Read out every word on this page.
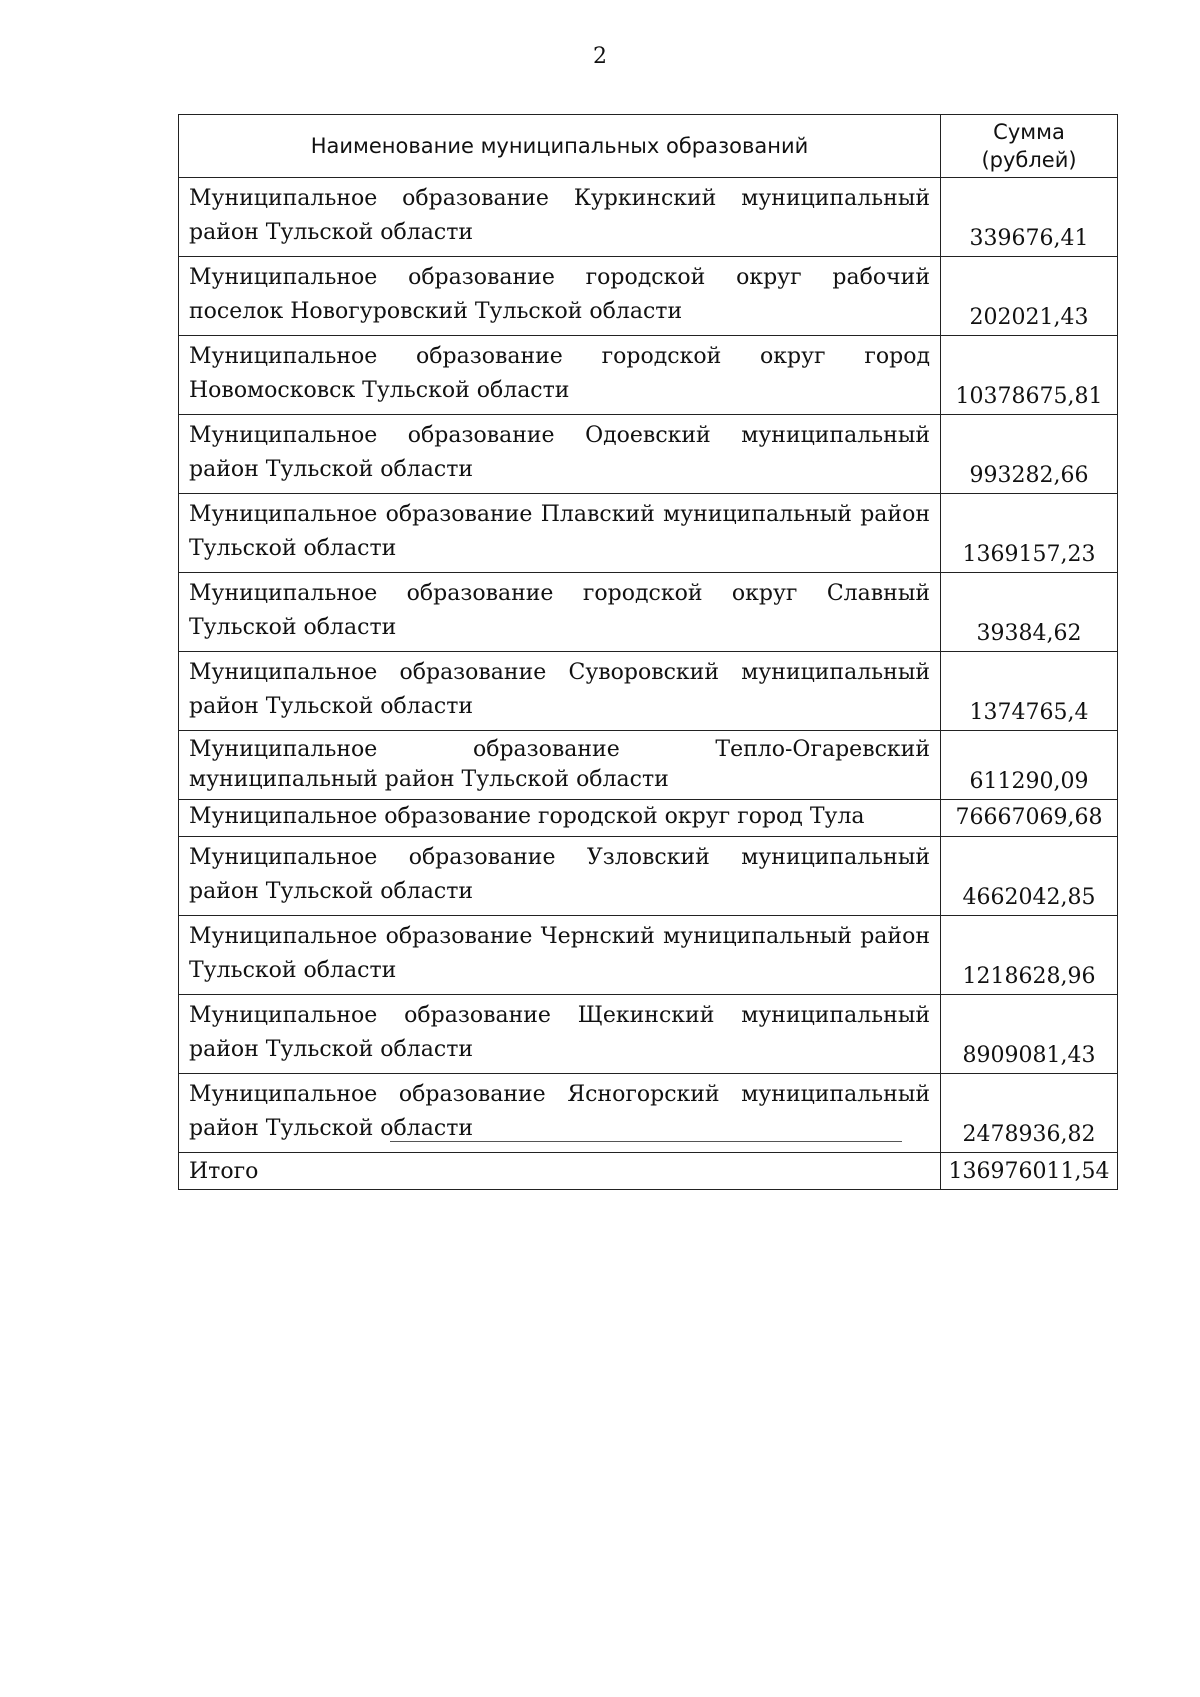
2
Наименование муниципальных образований	Сумма
(рублей)
Муниципальное образование Куркинский муниципальный район Тульской области	339676,41
Муниципальное образование городской округ рабочий поселок Новогуровский Тульской области	202021,43
Муниципальное образование городской округ город Новомосковск Тульской области	10378675,81
Муниципальное образование Одоевский муниципальный район Тульской области	993282,66
Муниципальное образование Плавский муниципальный район Тульской области	1369157,23
Муниципальное образование городской округ Славный Тульской области	39384,62
Муниципальное образование Суворовский муниципальный район Тульской области	1374765,4
Муниципальное образование Тепло-Огаревский муниципальный район Тульской области	611290,09
Муниципальное образование городской округ город Тула	76667069,68
Муниципальное образование Узловский муниципальный район Тульской области	4662042,85
Муниципальное образование Чернский муниципальный район Тульской области	1218628,96
Муниципальное образование Щекинский муниципальный район Тульской области	8909081,43
Муниципальное образование Ясногорский муниципальный район Тульской области	2478936,82
Итого	136976011,54
